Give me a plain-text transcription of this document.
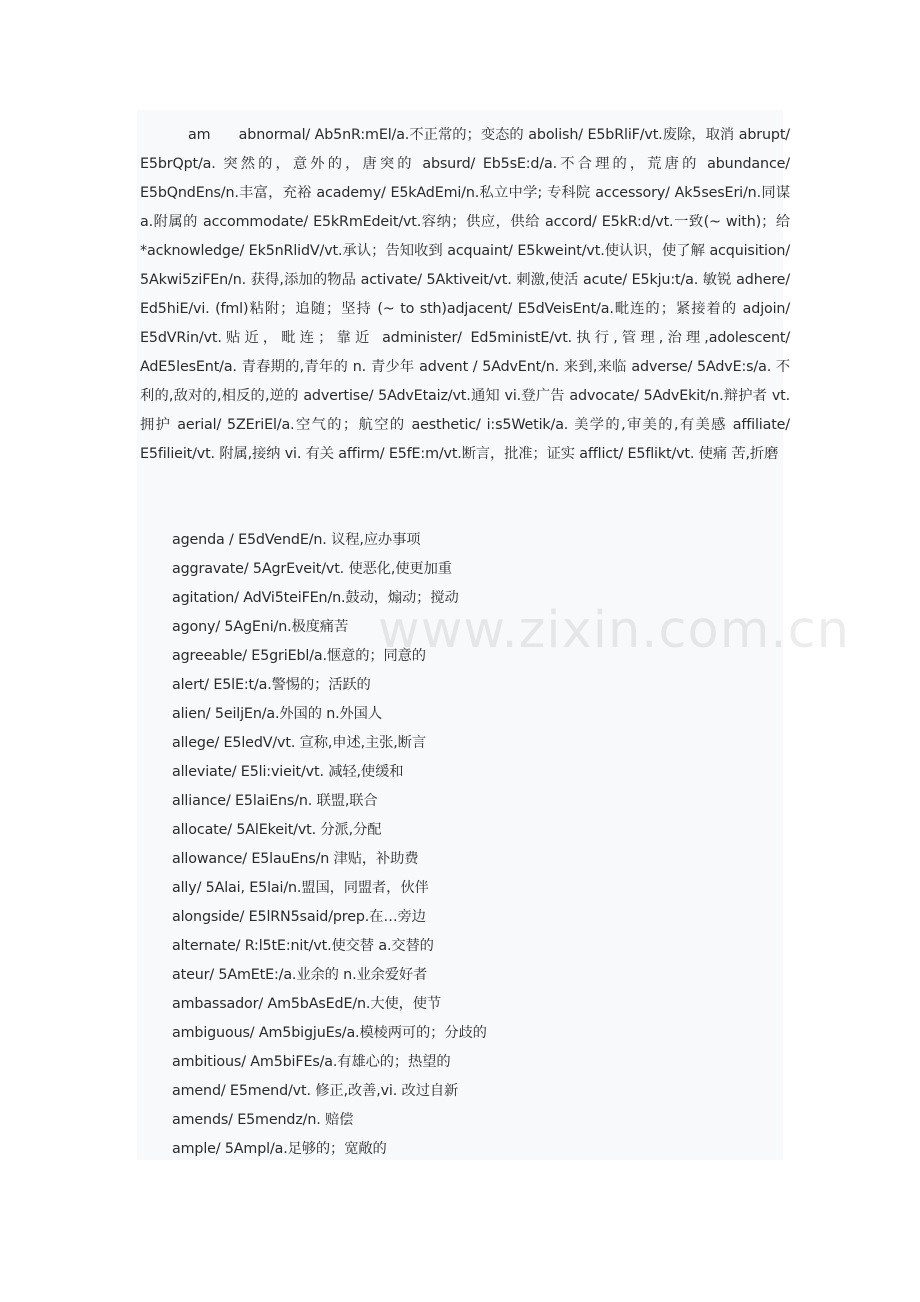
am  abnormal/ Ab5nR:mEl/a.不正常的；变态的 abolish/ E5bRliF/vt.废除，取消 abrupt/ E5brQpt/a. 突然的，意外的，唐突的 absurd/ Eb5sE:d/a.不合理的，荒唐的 abundance/ E5bQndEns/n.丰富，充裕 academy/ E5kAdEmi/n.私立中学; 专科院 accessory/ Ak5sesEri/n.同谋 a.附属的 accommodate/ E5kRmEdeit/vt.容纳；供应，供给 accord/ E5kR:d/vt.一致(~ with)；给 *acknowledge/ Ek5nRlidV/vt.承认；告知收到 acquaint/ E5kweint/vt.使认识，使了解 acquisition/ 5Akwi5ziFEn/n. 获得,添加的物品 activate/ 5Aktiveit/vt. 刺激,使活 acute/ E5kju:t/a. 敏锐 adhere/ Ed5hiE/vi. (fml)粘附；追随；坚持 (~ to sth)adjacent/ E5dVeisEnt/a.毗连的；紧接着的 adjoin/ E5dVRin/vt.贴近，毗连；靠近 administer/ Ed5ministE/vt.执行,管理,治理,adolescent/ AdE5lesEnt/a. 青春期的,青年的 n. 青少年 advent / 5AdvEnt/n. 来到,来临 adverse/ 5AdvE:s/a. 不利的,敌对的,相反的,逆的 advertise/ 5AdvEtaiz/vt.通知 vi.登广告 advocate/ 5AdvEkit/n.辩护者 vt.拥护 aerial/ 5ZEriEl/a.空气的；航空的 aesthetic/ i:s5Wetik/a. 美学的,审美的,有美感 affiliate/ E5filieit/vt. 附属,接纳 vi. 有关 affirm/ E5fE:m/vt.断言，批准；证实 afflict/ E5flikt/vt. 使痛 苦,折磨
agenda / E5dVendE/n. 议程,应办事项
aggravate/ 5AgrEveit/vt. 使恶化,使更加重
agitation/ AdVi5teiFEn/n.鼓动，煽动；搅动
agony/ 5AgEni/n.极度痛苦
agreeable/ E5griEbl/a.惬意的；同意的
alert/ E5lE:t/a.警惕的；活跃的
alien/ 5eiljEn/a.外国的 n.外国人
allege/ E5ledV/vt. 宣称,申述,主张,断言
alleviate/ E5li:vieit/vt. 减轻,使缓和
alliance/ E5laiEns/n. 联盟,联合
allocate/ 5AlEkeit/vt. 分派,分配
allowance/ E5lauEns/n 津贴，补助费
ally/ 5Alai, E5lai/n.盟国，同盟者，伙伴
alongside/ E5lRN5said/prep.在…旁边
alternate/ R:l5tE:nit/vt.使交替 a.交替的
ateur/ 5AmEtE:/a.业余的 n.业余爱好者
ambassador/ Am5bAsEdE/n.大使，使节
ambiguous/ Am5bigjuEs/a.模棱两可的；分歧的
ambitious/ Am5biFEs/a.有雄心的；热望的
amend/ E5mend/vt. 修正,改善,vi. 改过自新
amends/ E5mendz/n. 赔偿
ample/ 5Ampl/a.足够的；宽敞的
www.zixin.com.cn
